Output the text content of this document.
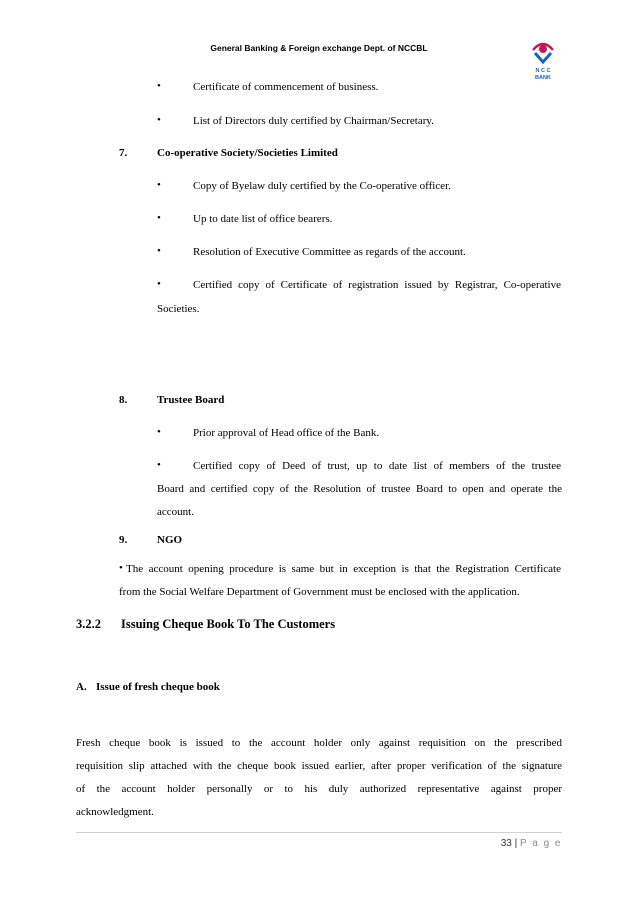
General Banking & Foreign exchange Dept. of NCCBL
N C C
BANK
•	Certificate of commencement of business.
•	List of Directors duly certified by Chairman/Secretary.
7.	Co-operative Society/Societies Limited
•	Copy of Byelaw duly certified by the Co-operative officer.
•	Up to date list of office bearers.
•	Resolution of Executive Committee as regards of the account.
•	Certified copy of Certificate of registration issued by Registrar, Co-operative
Societies.
8.	Trustee Board
•	Prior approval of Head office of the Bank.
•	Certified copy of Deed of trust, up to date list of members of the trustee
Board and certified copy of the Resolution of trustee Board to open and operate the
account.
9.	NGO
• The account opening procedure is same but in exception is that the Registration Certificate
from the Social Welfare Department of Government must be enclosed with the application.
3.2.2 Issuing Cheque Book To The Customers
A. Issue of fresh cheque book
Fresh cheque book is issued to the account holder only against requisition on the prescribed
requisition slip attached with the cheque book issued earlier, after proper verification of the signature
of the account holder personally or to his duly authorized representative against proper
acknowledgment.
33 | P a g e
